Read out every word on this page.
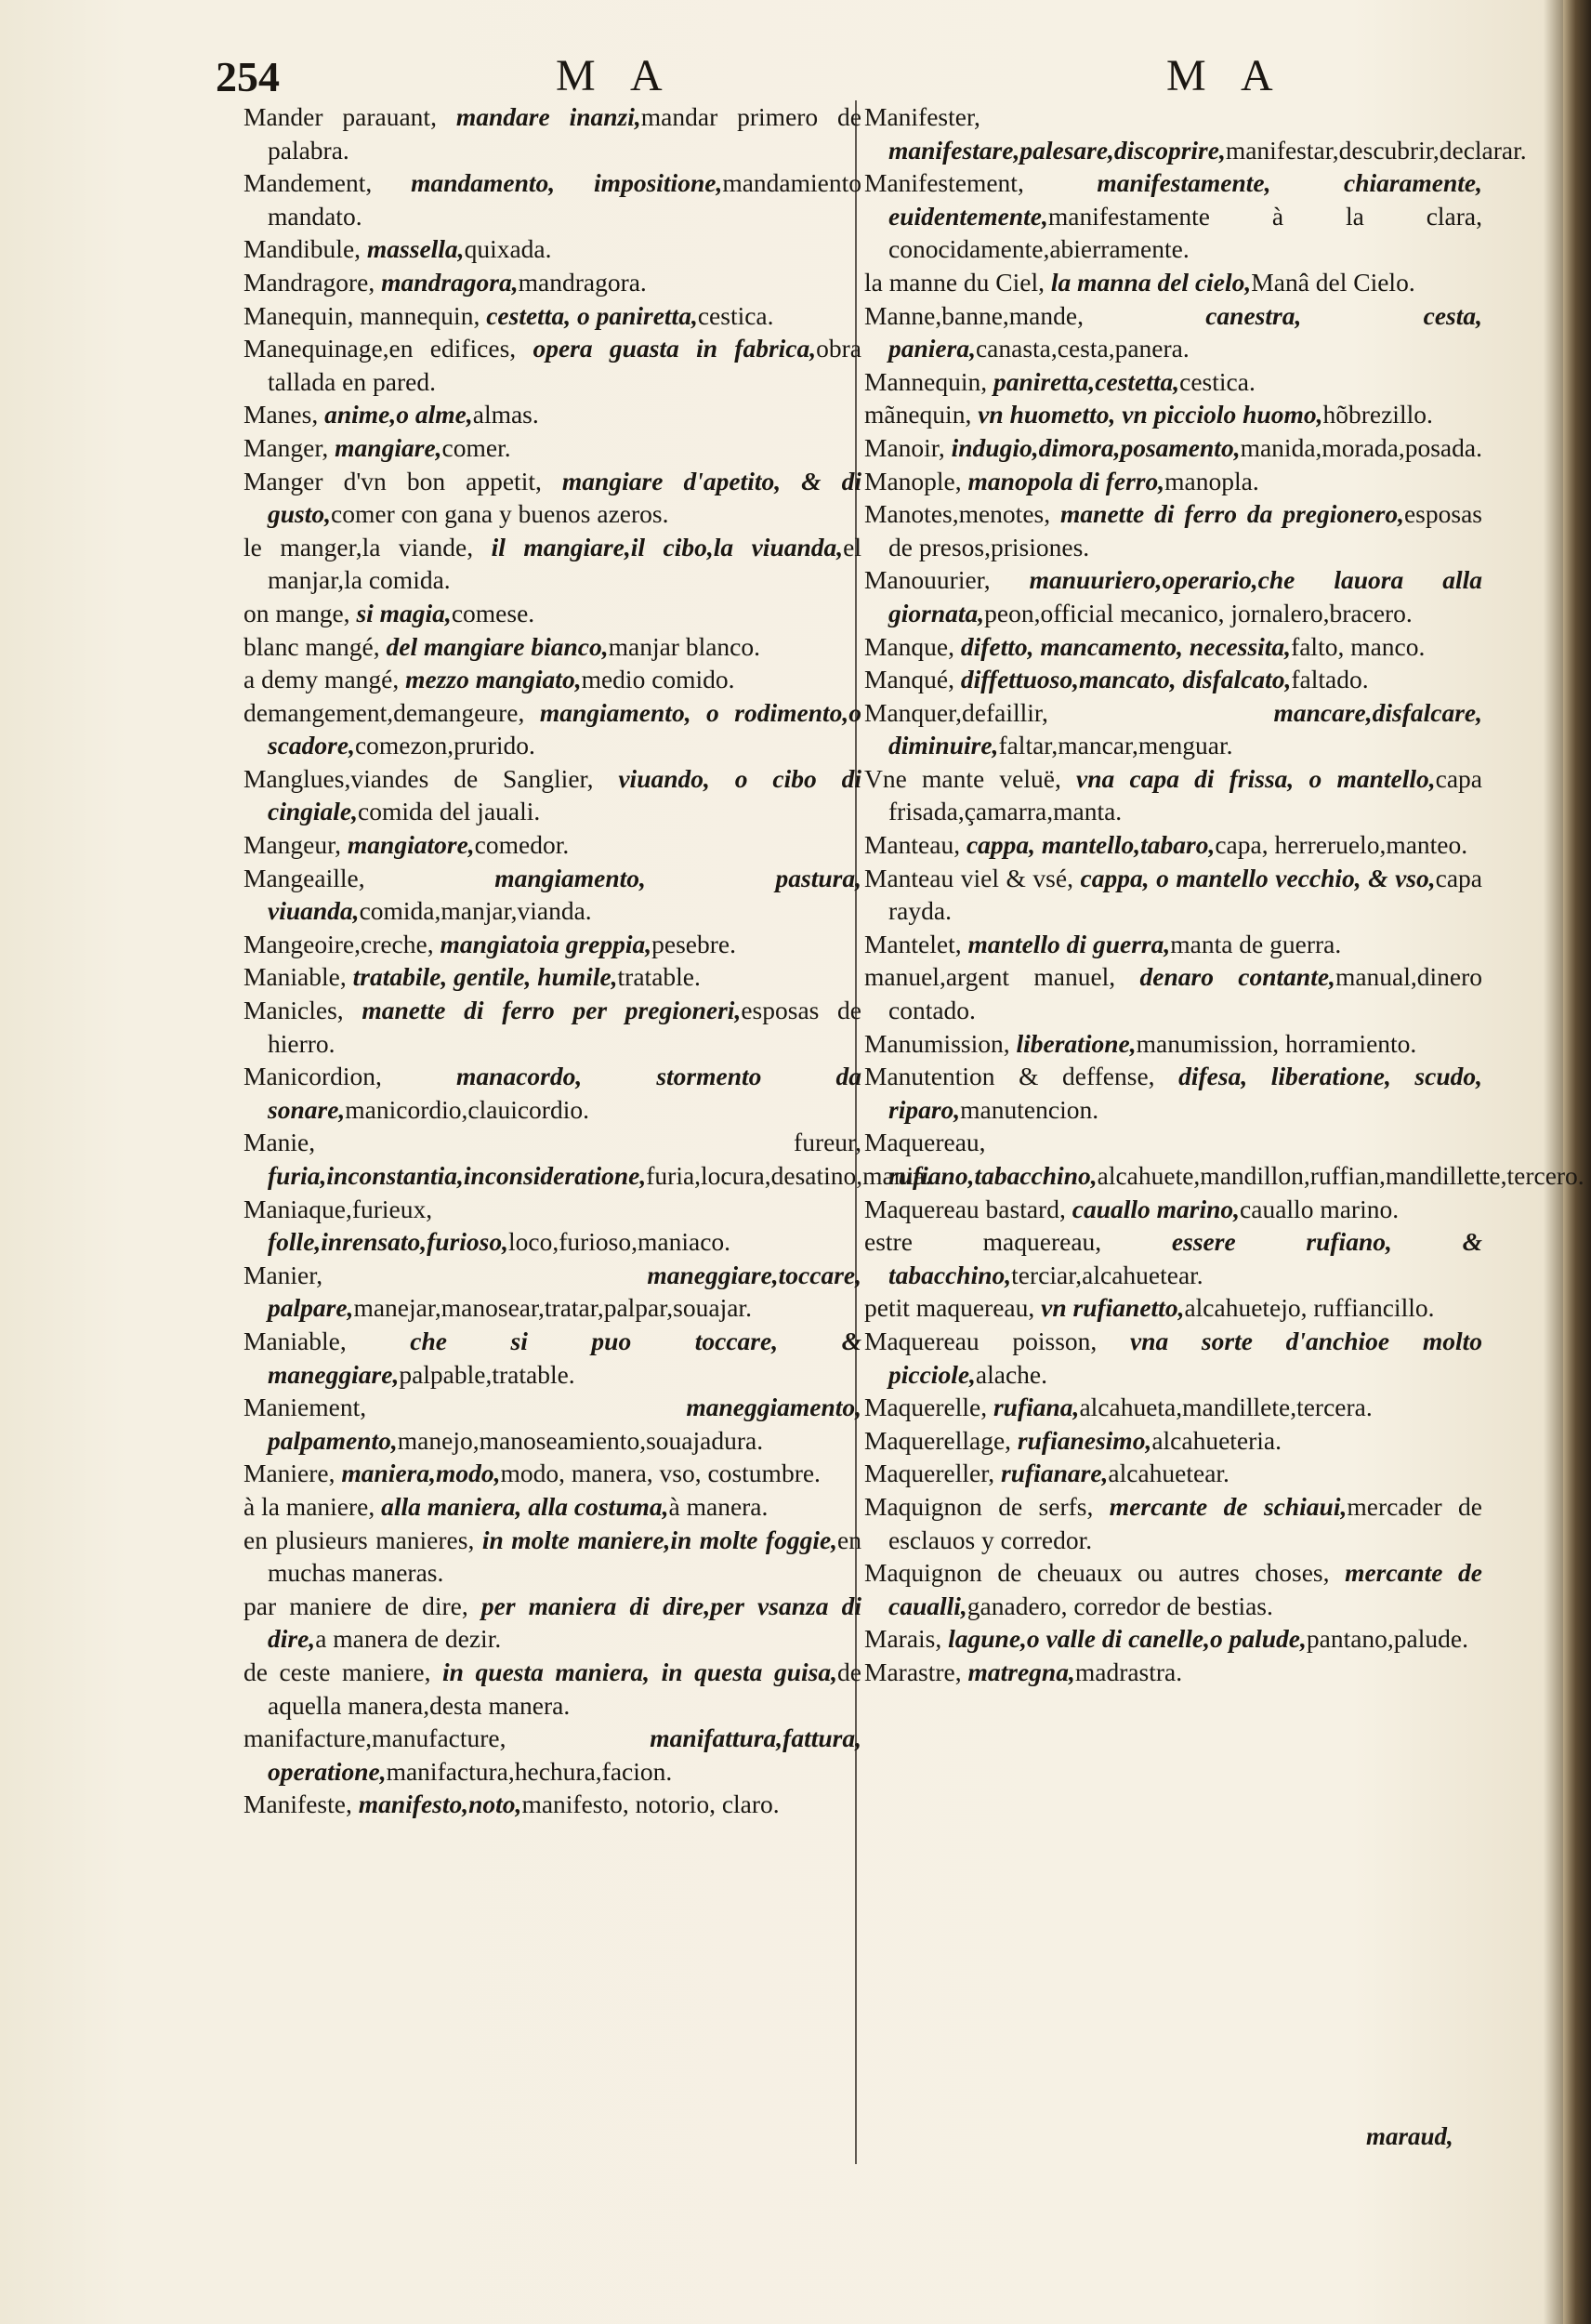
254	M A	M A
Mander parauant, mandare inanzi,mandar primero de palabra.
Mandement, mandamento, impositione,mandamiento mandato.
Mandibule, massella,quixada.
Mandragore, mandragora,mandragora.
Manequin, mannequin, cestetta, o paniretta,cestica.
Manequinage,en edifices, opera guasta in fabrica,obra tallada en pared.
Manes, anime,o alme,almas.
Manger, mangiare,comer.
Manger d'vn bon appetit, mangiare d'apetito, & di gusto,comer con gana y buenos azeros.
le manger,la viande, il mangiare,il cibo,la viuanda,el manjar,la comida.
on mange, si magia,comese.
blanc mangé, del mangiare bianco,manjar blanco.
a demy mangé, mezzo mangiato,medio comido.
demangement,demangeure, mangiamento, o rodimento,o scadore,comezon,prurido.
Manglues,viandes de Sanglier, viuando, o cibo di cingiale,comida del jauali.
Mangeur, mangiatore,comedor.
Mangeaille,	mangiamento, pastura, viuanda,comida,manjar,vianda.
Mangeoire,creche, mangiatoia greppia,pesebre.
Maniable, tratabile, gentile, humile,tratable.
Manicles, manette di ferro per pregioneri,esposas de hierro.
Manicordion,	manacordo, stormento da sonare,manicordio,clauicordio.
Manie, fureur, furia,inconstantia,inconsideratione,furia,locura,desatino,mania.
Maniaque,furieux, folle,inrensato,furioso,loco,furioso,maniaco.
Manier,	maneggiare,toccare, palpare,manejar,manosear,tratar,palpar,souajar.
Maniable, che si puo toccare, & maneggiare,palpable,tratable.
Maniement,	maneggiamento, palpamento,manejo,manoseamiento,souajadura.
Maniere, maniera,modo,modo, manera, vso, costumbre.
à la maniere, alla maniera, alla costuma,à manera.
en plusieurs manieres, in molte maniere,in molte foggie,en muchas maneras.
par maniere de dire, per maniera di dire,per vsanza di dire,a manera de dezir.
de ceste maniere, in questa maniera, in questa guisa,de aquella manera,desta manera.
manifacture,manufacture,	manifattura,fattura, operatione,manifactura,hechura,facion.
Manifeste, manifesto,noto,manifesto, notorio, claro.
Manifester, manifestare,palesare,discoprire,manifestar,descubrir,declarar.
Manifestement,	manifestamente, chiaramente, euidentemente,manifestamente à la clara, conocidamente,abierramente.
la manne du Ciel, la manna del cielo,Manâ del Cielo.
Manne,banne,mande,	canestra, cesta, paniera,canasta,cesta,panera.
Mannequin, paniretta,cestetta,cestica.
mãnequin, vn huometto, vn picciolo huomo,hõbrezillo.
Manoir, indugio,dimora,posamento,manida,morada,posada.
Manople, manopola di ferro,manopla.
Manotes,menotes, manette di ferro da pregionero,esposas de presos,prisiones.
Manouurier, manuuriero,operario,che lauora alla giornata,peon,official mecanico, jornalero,bracero.
Manque, difetto, mancamento, necessita,falto, manco.
Manqué, diffettuoso,mancato, disfalcato,faltado.
Manquer,defaillir,	mancare,disfalcare, diminuire,faltar,mancar,menguar.
Vne mante veluë, vna capa di frissa, o mantello,capa frisada,çamarra,manta.
Manteau, cappa, mantello,tabaro,capa, herreruelo,manteo.
Manteau viel & vsé, cappa, o mantello vecchio, & vso,capa rayda.
Mantelet, mantello di guerra,manta de guerra.
manuel,argent manuel, denaro contante,manual,dinero contado.
Manumission, liberatione,manumission, horramiento.
Manutention & deffense, difesa, liberatione, scudo, riparo,manutencion.
Maquereau, rufiano,tabacchino,alcahuete,mandillon,ruffian,mandillette,tercero.
Maquereau bastard, cauallo marino,cauallo marino.
estre maquereau,	essere rufiano, & tabacchino,terciar,alcahuetear.
petit maquereau, vn rufianetto,alcahuetejo, ruffiancillo.
Maquereau poisson, vna sorte d'anchioe molto picciole,alache.
Maquerelle, rufiana,alcahueta,mandillete,tercera.
Maquerellage, rufianesimo,alcahueteria.
Maquereller, rufianare,alcahuetear.
Maquignon de serfs, mercante de schiaui,mercader de esclauos y corredor.
Maquignon de cheuaux ou autres choses, mercante de caualli,ganadero, corredor de bestias.
Marais, lagune,o valle di canelle,o palude,pantano,palude.
Marastre, matregna,madrastra.
maraud,
